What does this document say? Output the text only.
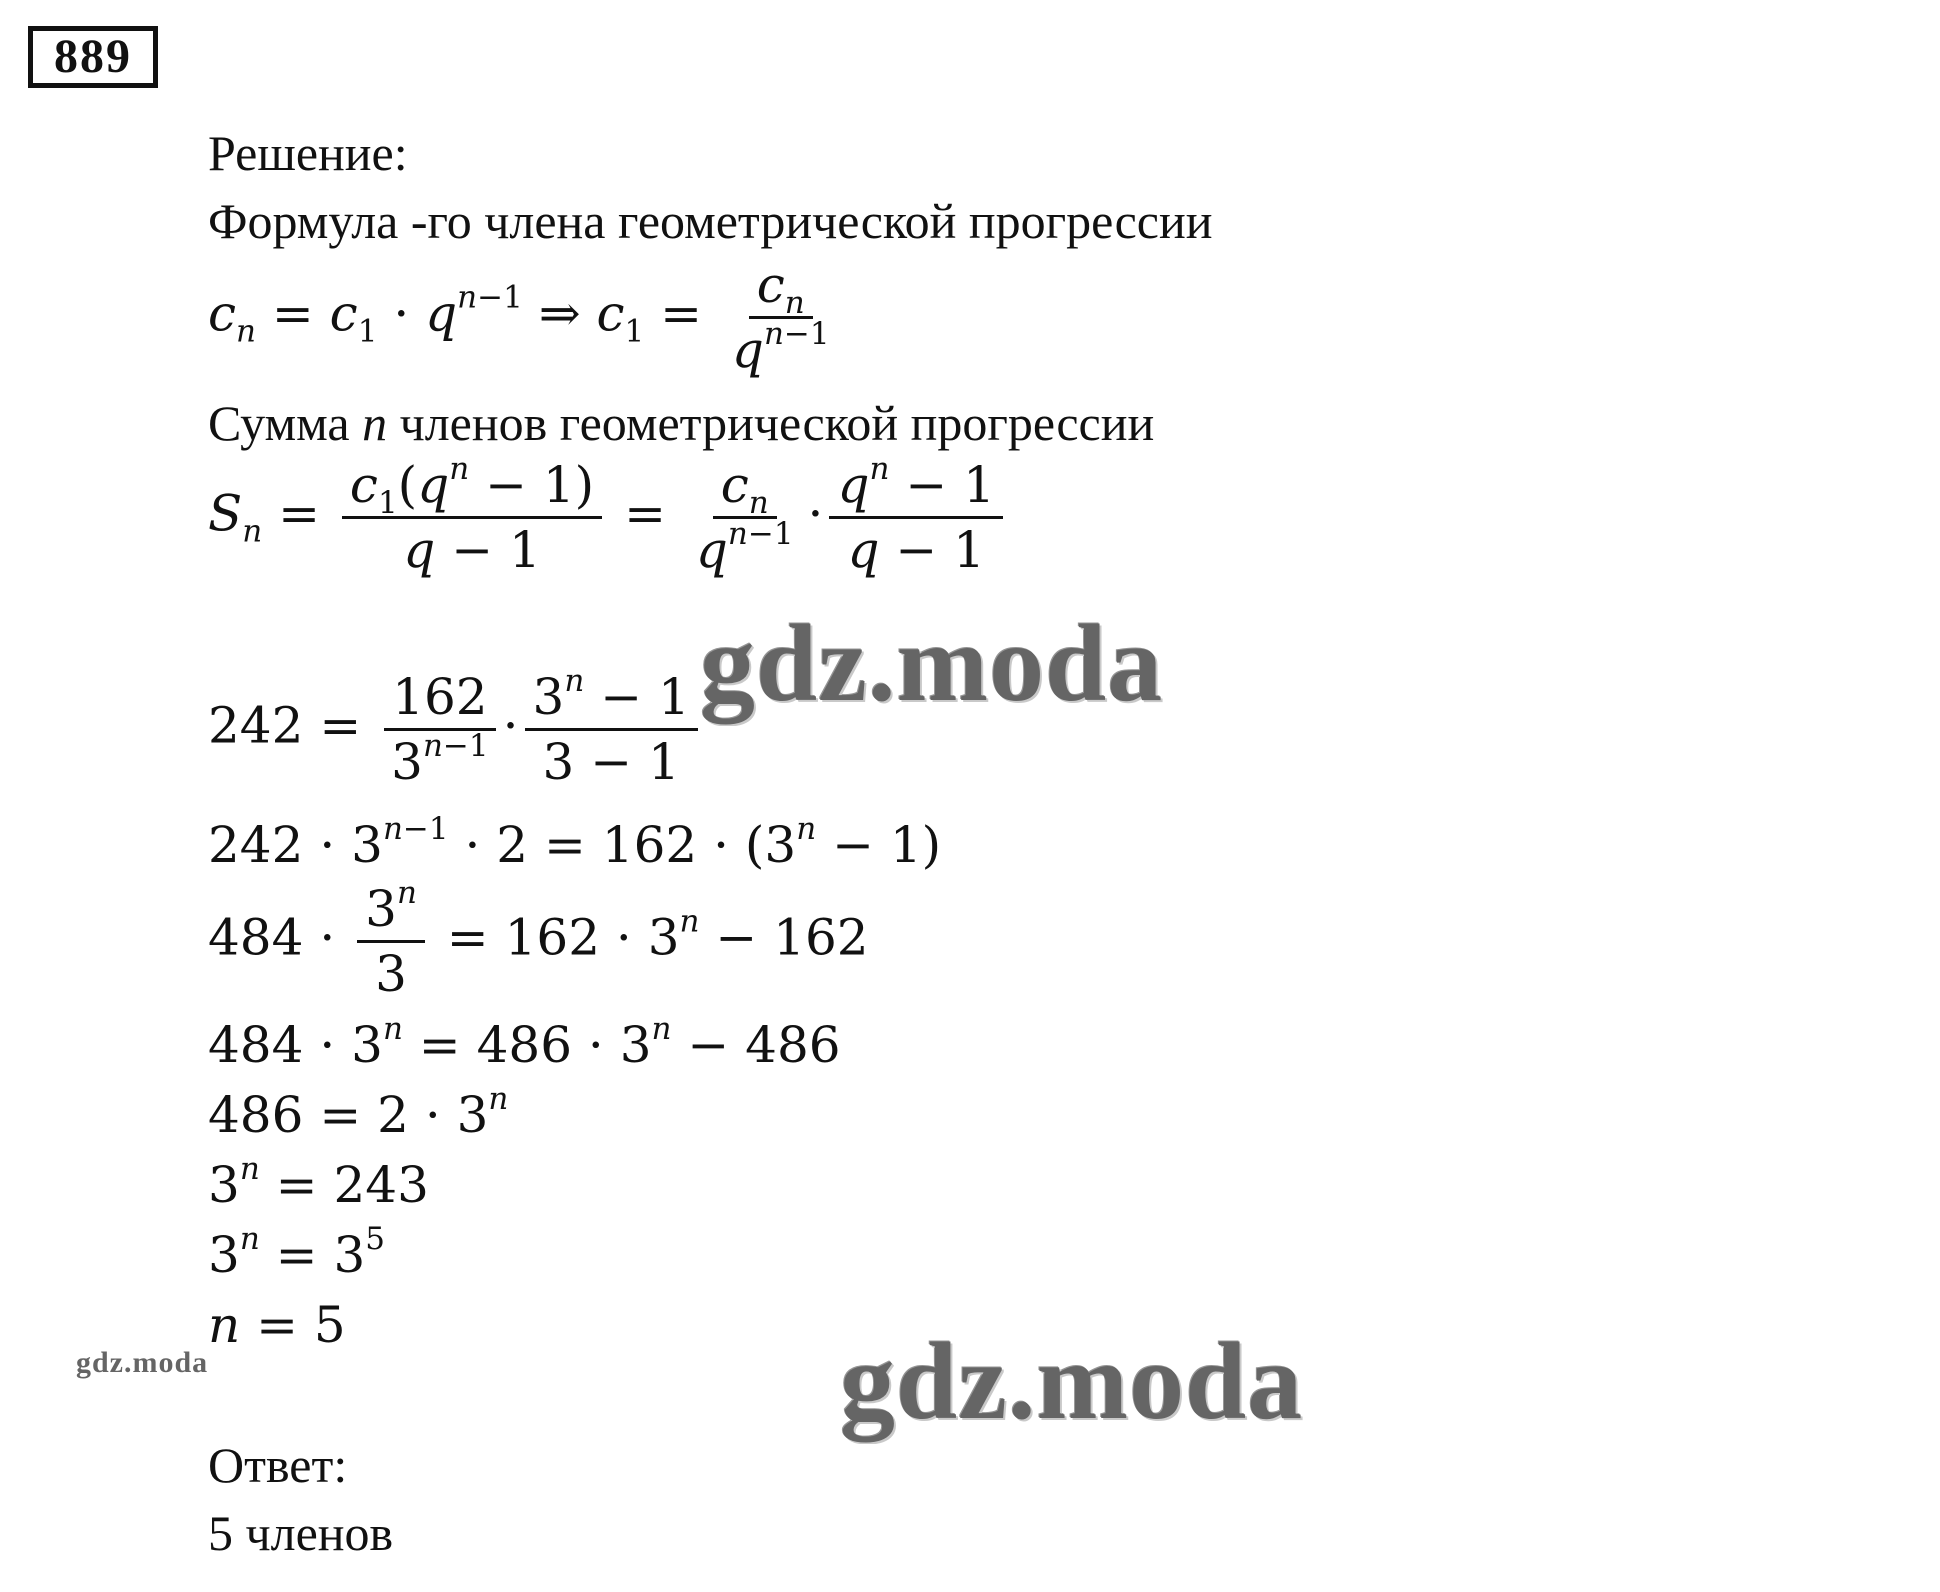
889
Решение:
Формула -го члена геометрической прогрессии
$c_n = c_1 \cdot q^{n-1}$ ⇒ $c_1 = \frac{c_n}{q^{n-1}}$
Сумма n членов геометрической прогрессии
$S_n = \frac{c_1(q^n - 1)}{q - 1} = \frac{c_n}{q^{n-1}} \cdot \frac{q^n - 1}{q - 1}$
$242 = \frac{162}{3^{n-1}} \cdot \frac{3^n - 1}{3 - 1}$
$242 \cdot 3^{n-1} \cdot 2 = 162 \cdot (3^n - 1)$
$484 \cdot \frac{3^n}{3} = 162 \cdot 3^n - 162$
$484 \cdot 3^n = 486 \cdot 3^n - 486$
$486 = 2 \cdot 3^n$
$3^n = 243$
$3^n = 3^5$
n = 5
Ответ:
5 членов
gdz.moda
gdz.moda
gdz.moda
